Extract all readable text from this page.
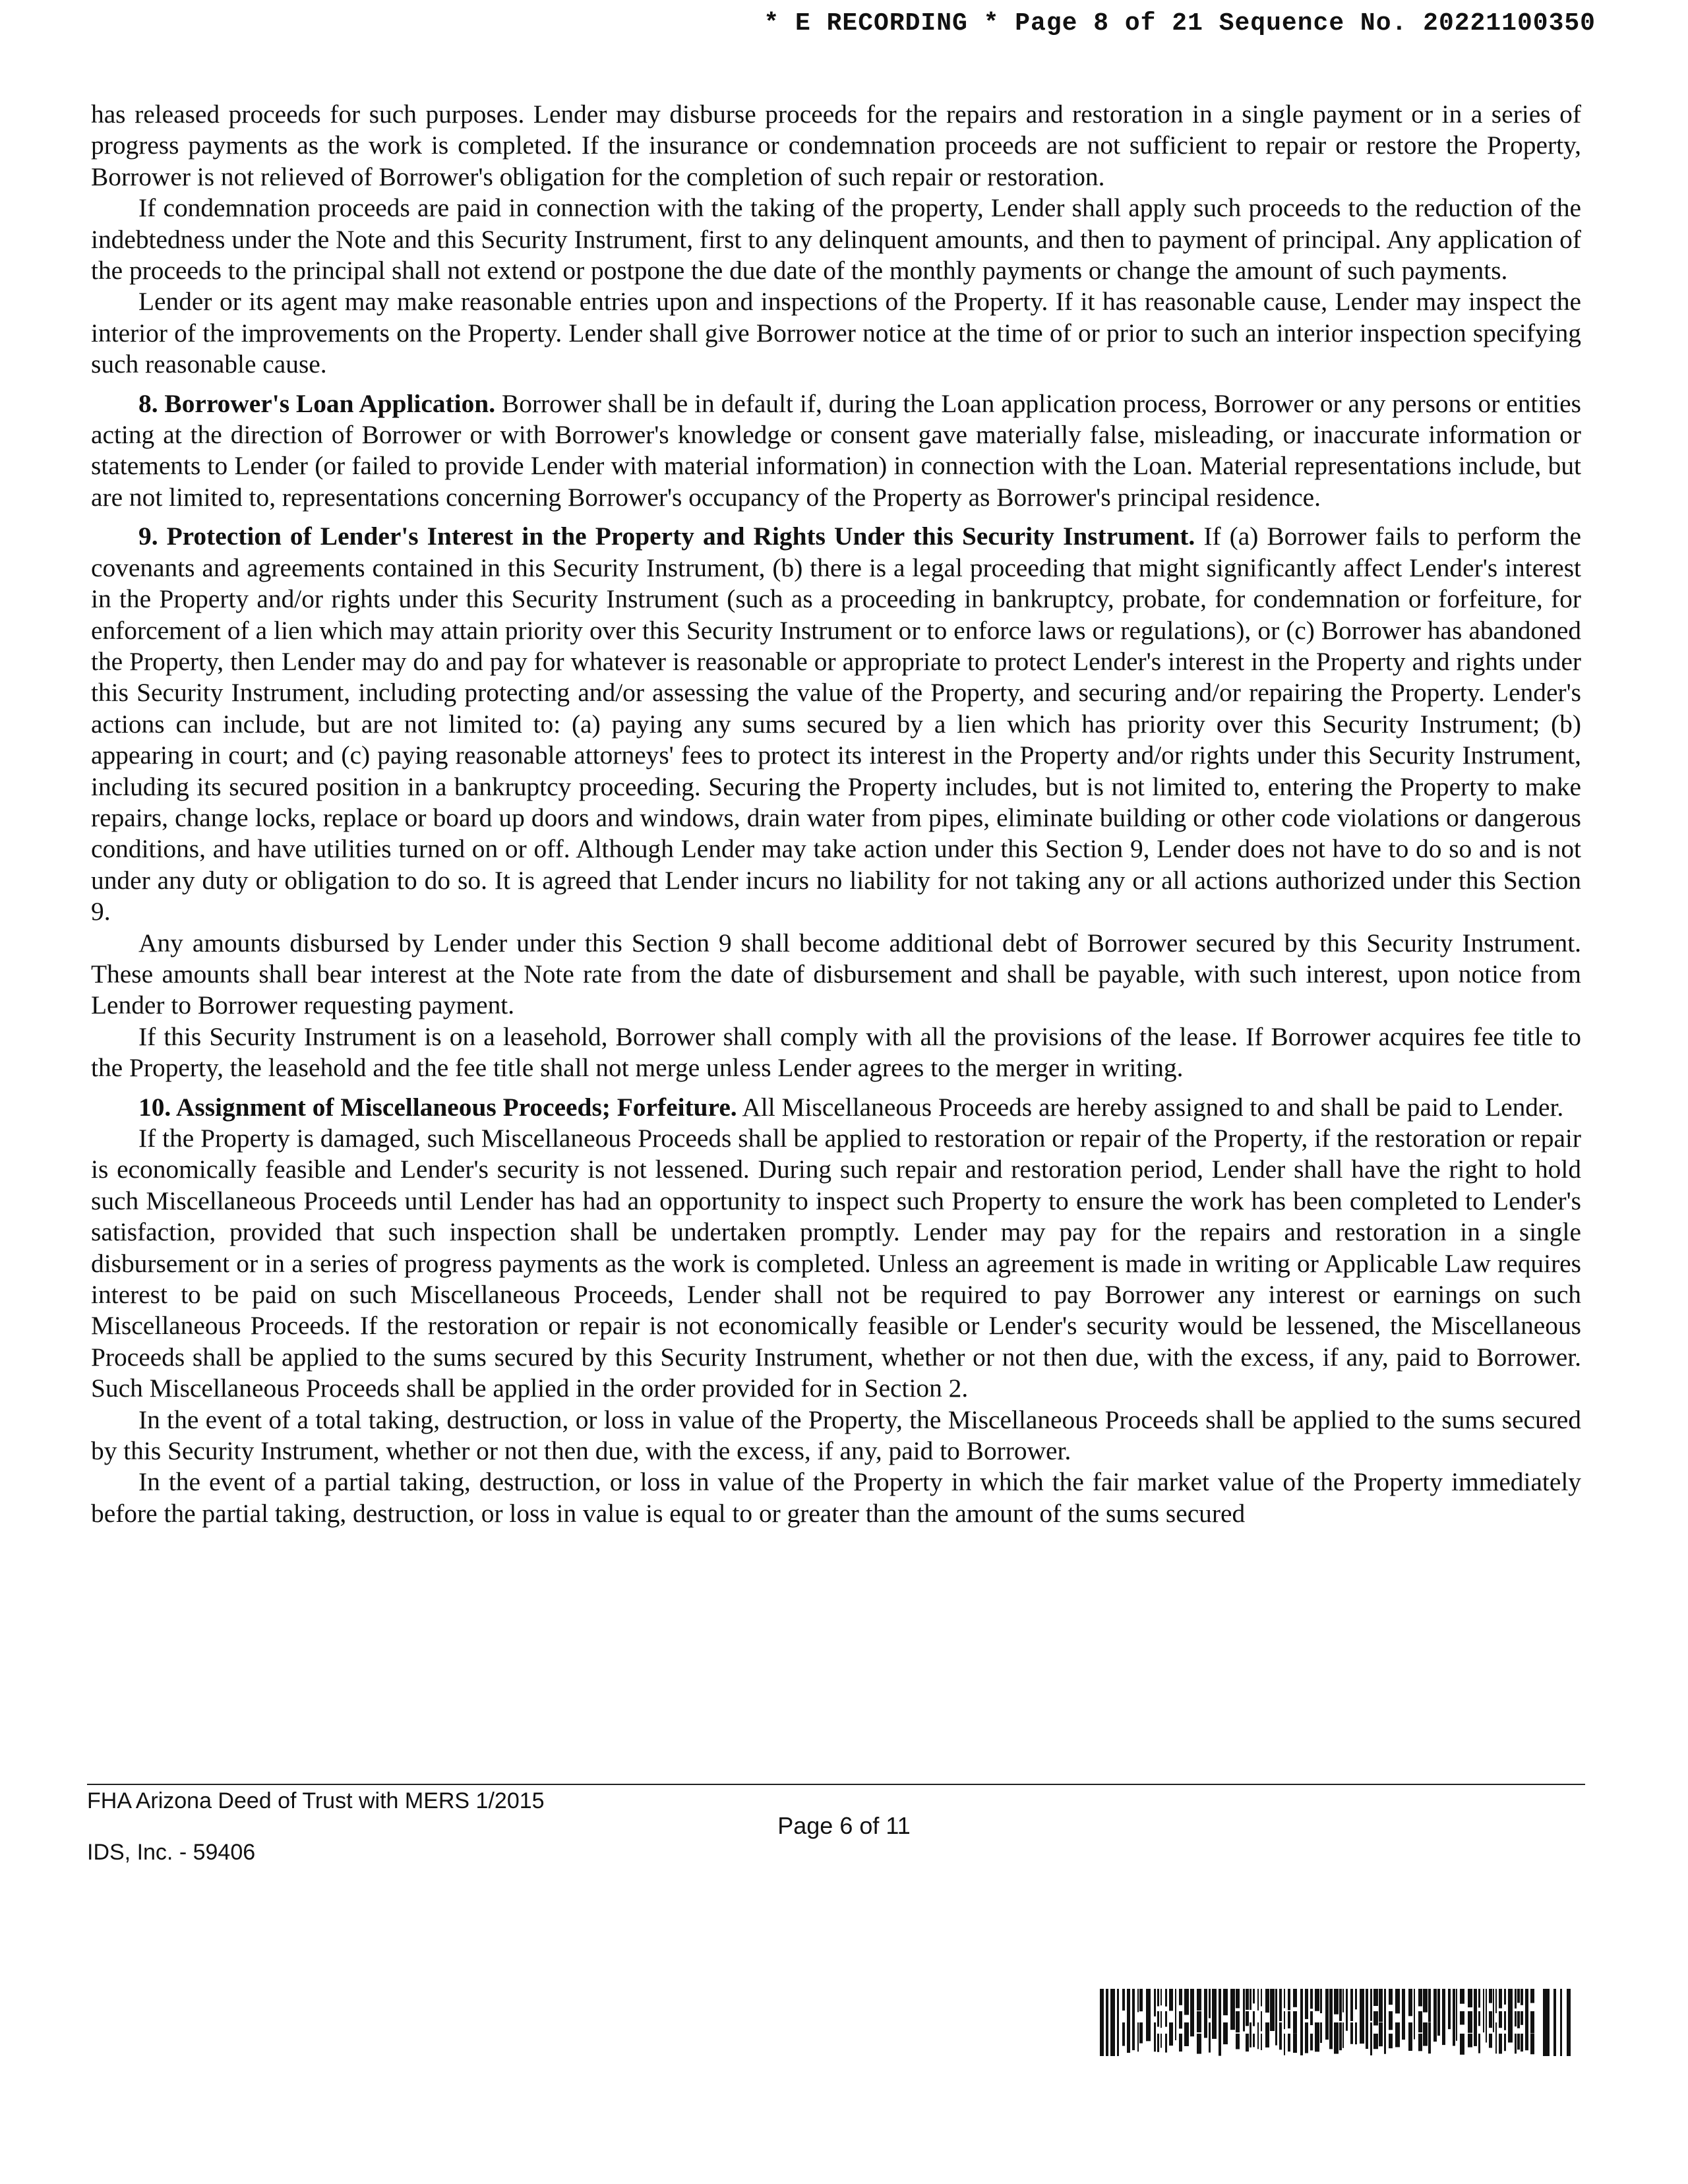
* E RECORDING * Page 8 of 21 Sequence No. 20221100350

has released proceeds for such purposes. Lender may disburse proceeds for the repairs and restoration in a single payment or in a series of progress payments as the work is completed. If the insurance or condemnation proceeds are not sufficient to repair or restore the Property, Borrower is not relieved of Borrower's obligation for the completion of such repair or restoration.

If condemnation proceeds are paid in connection with the taking of the property, Lender shall apply such proceeds to the reduction of the indebtedness under the Note and this Security Instrument, first to any delinquent amounts, and then to payment of principal. Any application of the proceeds to the principal shall not extend or postpone the due date of the monthly payments or change the amount of such payments.

Lender or its agent may make reasonable entries upon and inspections of the Property. If it has reasonable cause, Lender may inspect the interior of the improvements on the Property. Lender shall give Borrower notice at the time of or prior to such an interior inspection specifying such reasonable cause.

8. Borrower's Loan Application. Borrower shall be in default if, during the Loan application process, Borrower or any persons or entities acting at the direction of Borrower or with Borrower's knowledge or consent gave materially false, misleading, or inaccurate information or statements to Lender (or failed to provide Lender with material information) in connection with the Loan. Material representations include, but are not limited to, representations concerning Borrower's occupancy of the Property as Borrower's principal residence.

9. Protection of Lender's Interest in the Property and Rights Under this Security Instrument. If (a) Borrower fails to perform the covenants and agreements contained in this Security Instrument, (b) there is a legal proceeding that might significantly affect Lender's interest in the Property and/or rights under this Security Instrument (such as a proceeding in bankruptcy, probate, for condemnation or forfeiture, for enforcement of a lien which may attain priority over this Security Instrument or to enforce laws or regulations), or (c) Borrower has abandoned the Property, then Lender may do and pay for whatever is reasonable or appropriate to protect Lender's interest in the Property and rights under this Security Instrument, including protecting and/or assessing the value of the Property, and securing and/or repairing the Property. Lender's actions can include, but are not limited to: (a) paying any sums secured by a lien which has priority over this Security Instrument; (b) appearing in court; and (c) paying reasonable attorneys' fees to protect its interest in the Property and/or rights under this Security Instrument, including its secured position in a bankruptcy proceeding. Securing the Property includes, but is not limited to, entering the Property to make repairs, change locks, replace or board up doors and windows, drain water from pipes, eliminate building or other code violations or dangerous conditions, and have utilities turned on or off. Although Lender may take action under this Section 9, Lender does not have to do so and is not under any duty or obligation to do so. It is agreed that Lender incurs no liability for not taking any or all actions authorized under this Section 9.

Any amounts disbursed by Lender under this Section 9 shall become additional debt of Borrower secured by this Security Instrument. These amounts shall bear interest at the Note rate from the date of disbursement and shall be payable, with such interest, upon notice from Lender to Borrower requesting payment.

If this Security Instrument is on a leasehold, Borrower shall comply with all the provisions of the lease. If Borrower acquires fee title to the Property, the leasehold and the fee title shall not merge unless Lender agrees to the merger in writing.

10. Assignment of Miscellaneous Proceeds; Forfeiture. All Miscellaneous Proceeds are hereby assigned to and shall be paid to Lender.

If the Property is damaged, such Miscellaneous Proceeds shall be applied to restoration or repair of the Property, if the restoration or repair is economically feasible and Lender's security is not lessened. During such repair and restoration period, Lender shall have the right to hold such Miscellaneous Proceeds until Lender has had an opportunity to inspect such Property to ensure the work has been completed to Lender's satisfaction, provided that such inspection shall be undertaken promptly. Lender may pay for the repairs and restoration in a single disbursement or in a series of progress payments as the work is completed. Unless an agreement is made in writing or Applicable Law requires interest to be paid on such Miscellaneous Proceeds, Lender shall not be required to pay Borrower any interest or earnings on such Miscellaneous Proceeds. If the restoration or repair is not economically feasible or Lender's security would be lessened, the Miscellaneous Proceeds shall be applied to the sums secured by this Security Instrument, whether or not then due, with the excess, if any, paid to Borrower. Such Miscellaneous Proceeds shall be applied in the order provided for in Section 2.

In the event of a total taking, destruction, or loss in value of the Property, the Miscellaneous Proceeds shall be applied to the sums secured by this Security Instrument, whether or not then due, with the excess, if any, paid to Borrower.

In the event of a partial taking, destruction, or loss in value of the Property in which the fair market value of the Property immediately before the partial taking, destruction, or loss in value is equal to or greater than the amount of the sums secured

FHA Arizona Deed of Trust with MERS 1/2015
Page 6 of 11
IDS, Inc. - 59406
